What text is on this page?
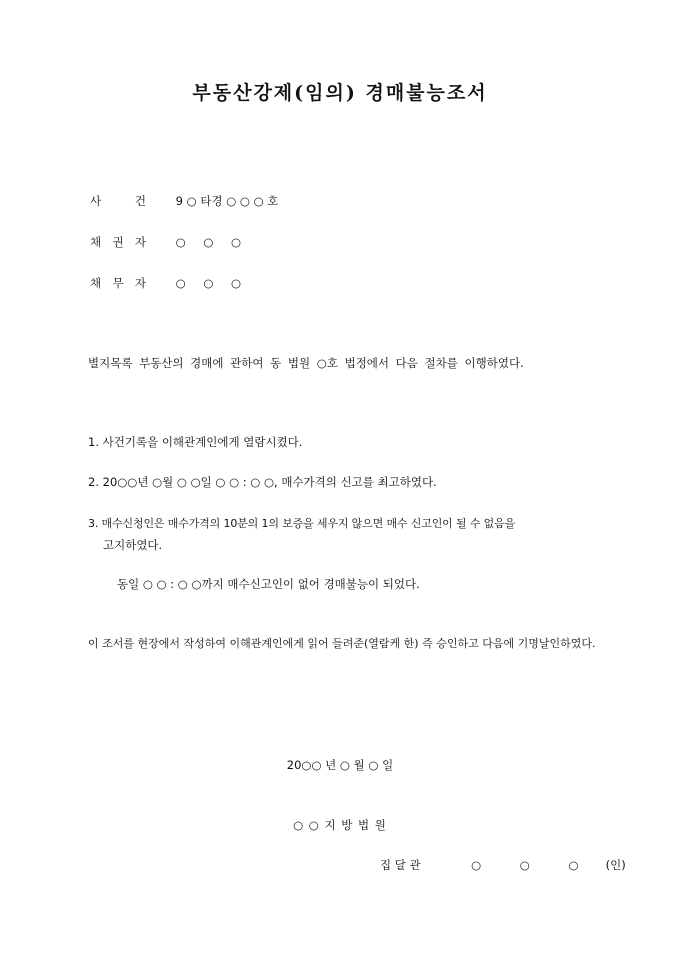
부동산강제(임의) 경매불능조서
사	건	9 ○ 타경 ○ ○ ○ 호
채 권 자	○ ○ ○
채 무 자	○ ○ ○
별지목록 부동산의 경매에 관하여 동 법원 ○호 법정에서 다음 절차를 이행하였다.
1. 사건기록을 이해관계인에게 열람시켰다.
2. 20○○년 ○월 ○ ○일 ○ ○ : ○ ○, 매수가격의 신고를 최고하였다.
3. 매수신청인은 매수가격의 10분의 1의 보증을 세우지 않으면 매수 신고인이 될 수 없음을
고지하였다.
동일 ○ ○ : ○ ○까지 매수신고인이 없어 경매불능이 되었다.
이 조서를 현장에서 작성하여 이해관계인에게 읽어 들려준(열람케 한) 즉 승인하고 다음에 기명날인하였다.
20○○ 년 ○ 월 ○ 일
○ ○ 지 방 법 원
집 달 관	○	○	○ (인)
